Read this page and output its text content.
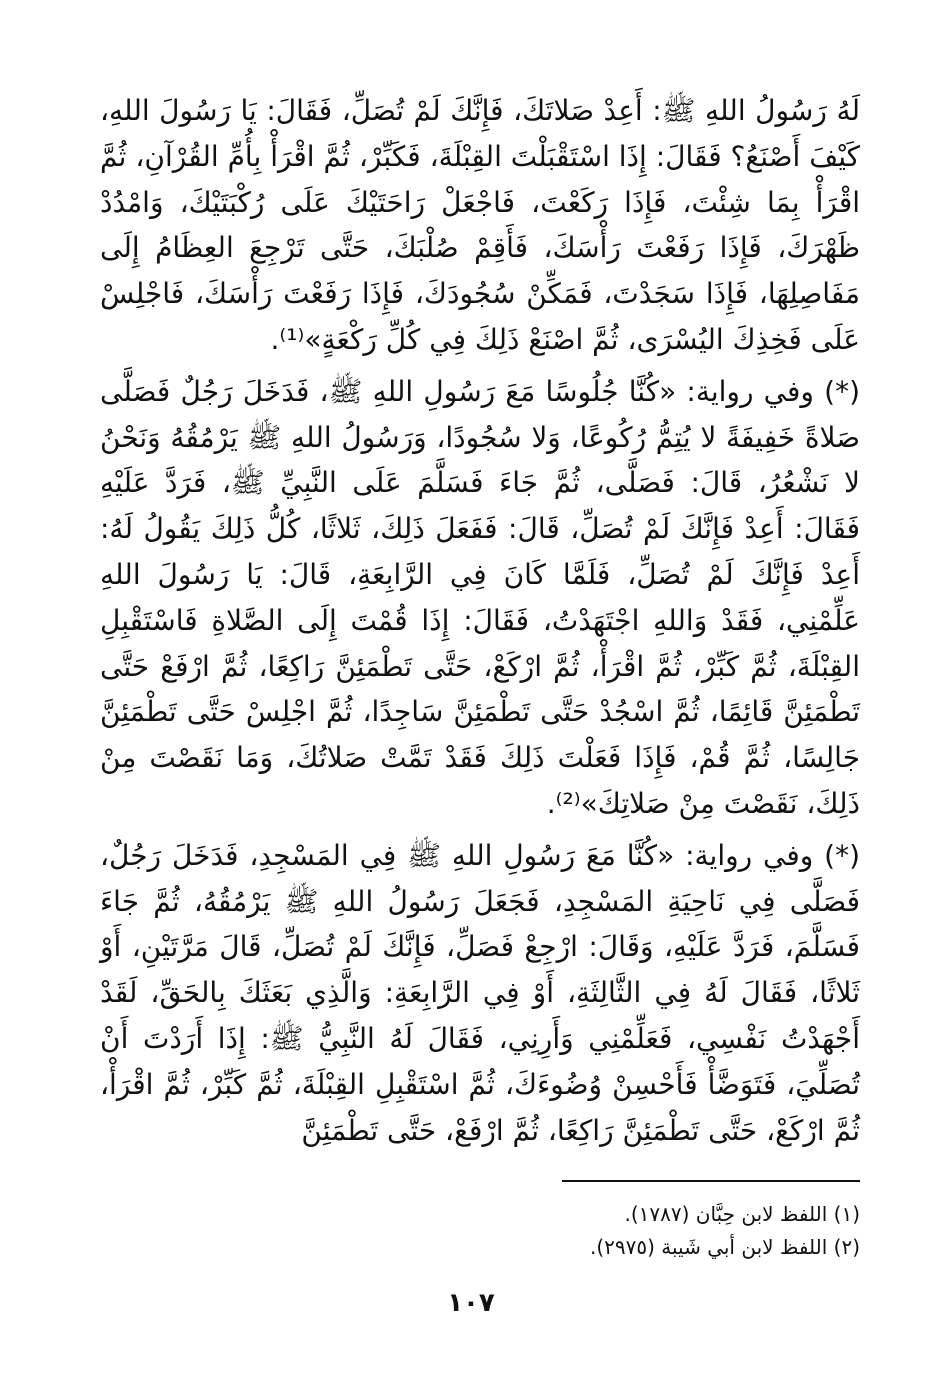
لَهُ رَسُولُ اللهِ ﷺ: أَعِدْ صَلاتَكَ، فَإِنَّكَ لَمْ تُصَلِّ، فَقَالَ: يَا رَسُولَ اللهِ، كَيْفَ أَصْنَعُ؟ فَقَالَ: إِذَا اسْتَقْبَلْتَ القِبْلَةَ، فَكَبِّرْ، ثُمَّ اقْرَأْ بِأُمِّ القُرْآنِ، ثُمَّ اقْرَأْ بِمَا شِئْتَ، فَإِذَا رَكَعْتَ، فَاجْعَلْ رَاحَتَيْكَ عَلَى رُكْبَتَيْكَ، وَامْدُدْ ظَهْرَكَ، فَإِذَا رَفَعْتَ رَأْسَكَ، فَأَقِمْ صُلْبَكَ، حَتَّى تَرْجِعَ العِظَامُ إِلَى مَفَاصِلِهَا، فَإِذَا سَجَدْتَ، فَمَكِّنْ سُجُودَكَ، فَإِذَا رَفَعْتَ رَأْسَكَ، فَاجْلِسْ عَلَى فَخِذِكَ اليُسْرَى، ثُمَّ اصْنَعْ ذَلِكَ فِي كُلِّ رَكْعَةٍ»⁽¹⁾.

(*) وفي رواية: «كُنَّا جُلُوسًا مَعَ رَسُولِ اللهِ ﷺ، فَدَخَلَ رَجُلٌ فَصَلَّى صَلاةً خَفِيفَةً لا يُتِمُّ رُكُوعًا، وَلا سُجُودًا، وَرَسُولُ اللهِ ﷺ يَرْمُقُهُ وَنَحْنُ لا نَشْعُرُ، قَالَ: فَصَلَّى، ثُمَّ جَاءَ فَسَلَّمَ عَلَى النَّبِيِّ ﷺ، فَرَدَّ عَلَيْهِ فَقَالَ: أَعِدْ فَإِنَّكَ لَمْ تُصَلِّ، قَالَ: فَفَعَلَ ذَلِكَ، ثَلاثًا، كُلُّ ذَلِكَ يَقُولُ لَهُ: أَعِدْ فَإِنَّكَ لَمْ تُصَلِّ، فَلَمَّا كَانَ فِي الرَّابِعَةِ، قَالَ: يَا رَسُولَ اللهِ عَلِّمْنِي، فَقَدْ وَاللهِ اجْتَهَدْتُ، فَقَالَ: إِذَا قُمْتَ إِلَى الصَّلاةِ فَاسْتَقْبِلِ القِبْلَةَ، ثُمَّ كَبِّرْ، ثُمَّ اقْرَأْ، ثُمَّ ارْكَعْ، حَتَّى تَطْمَئِنَّ رَاكِعًا، ثُمَّ ارْفَعْ حَتَّى تَطْمَئِنَّ قَائِمًا، ثُمَّ اسْجُدْ حَتَّى تَطْمَئِنَّ سَاجِدًا، ثُمَّ اجْلِسْ حَتَّى تَطْمَئِنَّ جَالِسًا، ثُمَّ قُمْ، فَإِذَا فَعَلْتَ ذَلِكَ فَقَدْ تَمَّتْ صَلاتُكَ، وَمَا نَقَصْتَ مِنْ ذَلِكَ، نَقَصْتَ مِنْ صَلاتِكَ»⁽²⁾.

(*) وفي رواية: «كُنَّا مَعَ رَسُولِ اللهِ ﷺ فِي المَسْجِدِ، فَدَخَلَ رَجُلٌ، فَصَلَّى فِي نَاحِيَةِ المَسْجِدِ، فَجَعَلَ رَسُولُ اللهِ ﷺ يَرْمُقُهُ، ثُمَّ جَاءَ فَسَلَّمَ، فَرَدَّ عَلَيْهِ، وَقَالَ: ارْجِعْ فَصَلِّ، فَإِنَّكَ لَمْ تُصَلِّ، قَالَ مَرَّتَيْنِ، أَوْ ثَلاثًا، فَقَالَ لَهُ فِي الثَّالِثَةِ، أَوْ فِي الرَّابِعَةِ: وَالَّذِي بَعَثَكَ بِالحَقِّ، لَقَدْ أَجْهَدْتُ نَفْسِي، فَعَلِّمْنِي وَأَرِنِي، فَقَالَ لَهُ النَّبِيُّ ﷺ: إِذَا أَرَدْتَ أَنْ تُصَلِّيَ، فَتَوَضَّأْ فَأَحْسِنْ وُضُوءَكَ، ثُمَّ اسْتَقْبِلِ القِبْلَةَ، ثُمَّ كَبِّرْ، ثُمَّ اقْرَأْ، ثُمَّ ارْكَعْ، حَتَّى تَطْمَئِنَّ رَاكِعًا، ثُمَّ ارْفَعْ، حَتَّى تَطْمَئِنَّ

(١) اللفظ لابن حِبَّان (١٧٨٧).

(٢) اللفظ لابن أبي شَيبة (٢٩٧٥).

١٠٧
